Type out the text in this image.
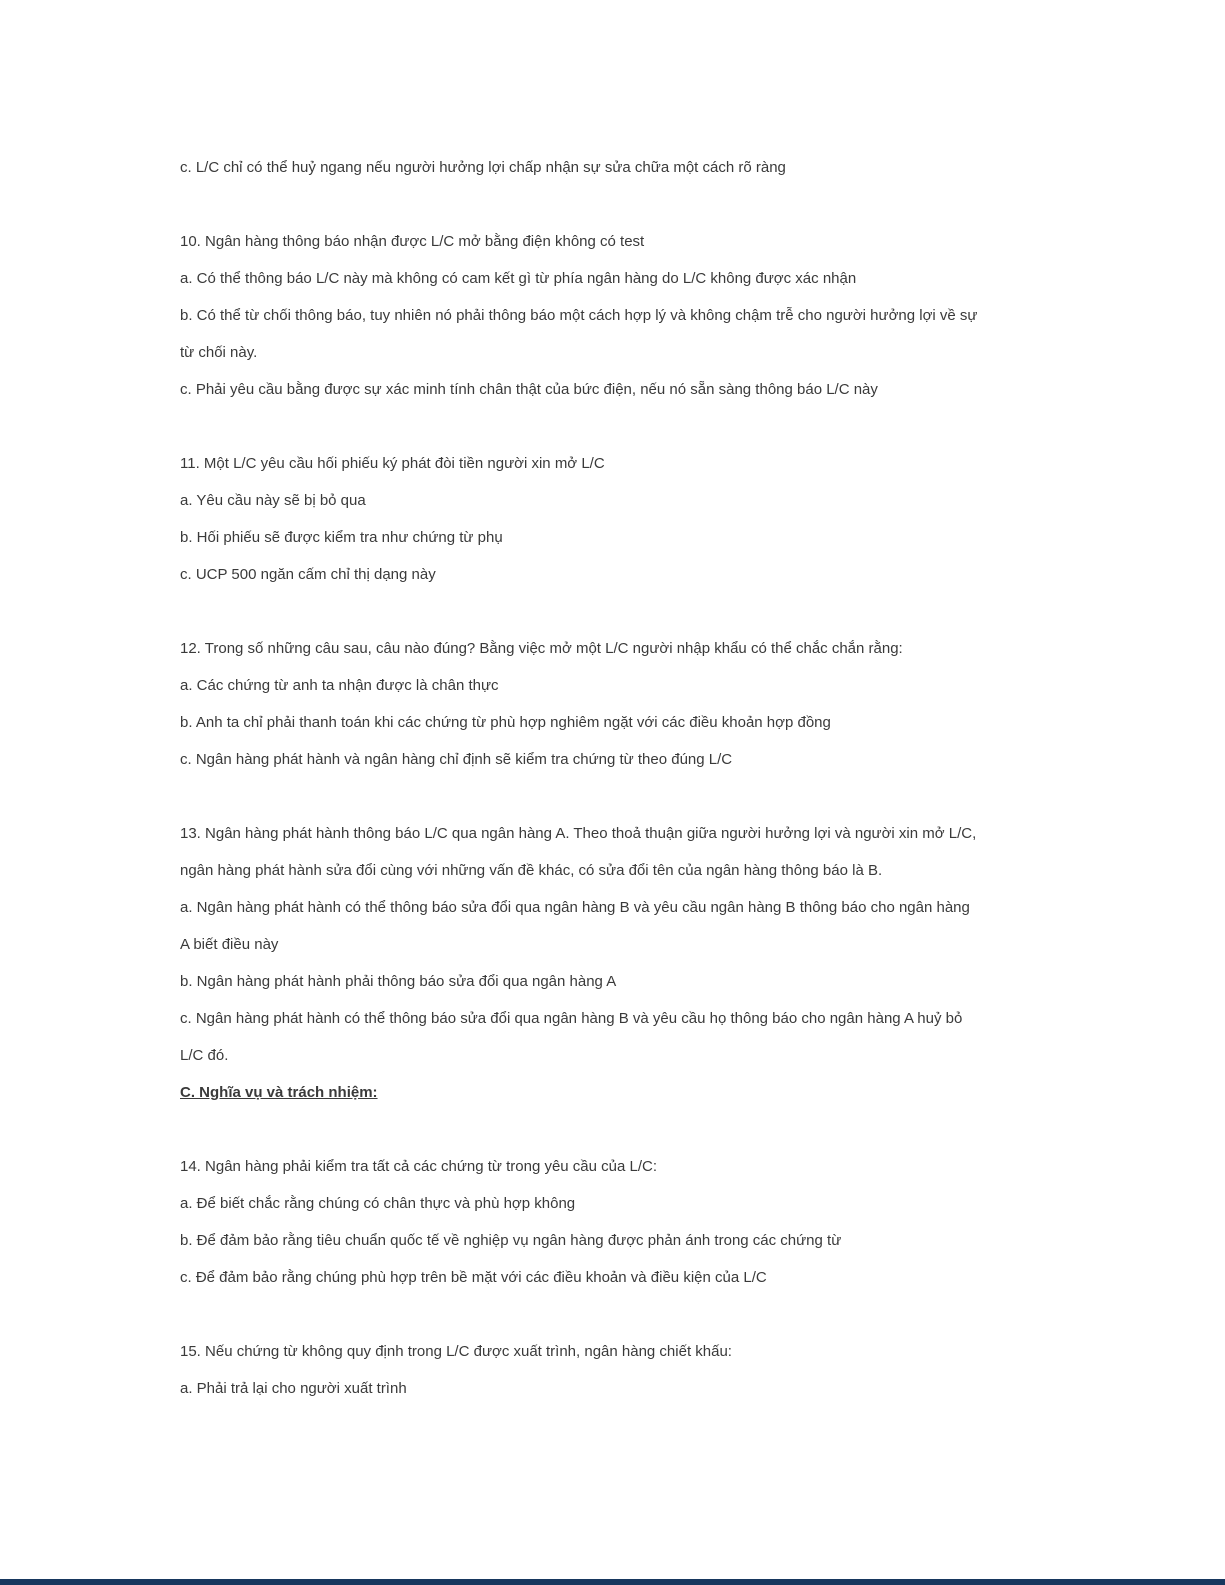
c. L/C chỉ có thể huỷ ngang nếu người hưởng lợi chấp nhận sự sửa chữa một cách rõ ràng
10. Ngân hàng thông báo nhận được L/C mở bằng điện không có test
a. Có thể thông báo L/C này mà không có cam kết gì từ phía ngân hàng do L/C không được xác nhận
b. Có thể từ chối thông báo, tuy nhiên nó phải thông báo một cách hợp lý và không chậm trễ cho người hưởng lợi về sự
từ chối này.
c. Phải yêu cầu bằng được sự xác minh tính chân thật của bức điện, nếu nó sẵn sàng thông báo L/C này
11. Một L/C yêu cầu hối phiếu ký phát đòi tiền người xin mở L/C
a. Yêu cầu này sẽ bị bỏ qua
b. Hối phiếu sẽ được kiểm tra như chứng từ phụ
c. UCP 500 ngăn cấm chỉ thị dạng này
12. Trong số những câu sau, câu nào đúng? Bằng việc mở một L/C người nhập khẩu có thể chắc chắn rằng:
a. Các chứng từ anh ta nhận được là chân thực
b. Anh ta chỉ phải thanh toán khi các chứng từ phù hợp nghiêm ngặt với các điều khoản hợp đồng
c. Ngân hàng phát hành và ngân hàng chỉ định sẽ kiểm tra chứng từ theo đúng L/C
13. Ngân hàng phát hành thông báo L/C qua ngân hàng A. Theo thoả thuận giữa người hưởng lợi và người xin mở L/C,
ngân hàng phát hành sửa đổi cùng với những vấn đề khác, có sửa đổi tên của ngân hàng thông báo là B.
a. Ngân hàng phát hành có thể thông báo sửa đổi qua ngân hàng B và yêu cầu ngân hàng B thông báo cho ngân hàng
A biết điều này
b. Ngân hàng phát hành phải thông báo sửa đổi qua ngân hàng A
c. Ngân hàng phát hành có thể thông báo sửa đổi qua ngân hàng B và yêu cầu họ thông báo cho ngân hàng A huỷ bỏ
L/C đó.
C. Nghĩa vụ và trách nhiệm:
14. Ngân hàng phải kiểm tra tất cả các chứng từ trong yêu cầu của L/C:
a. Để biết chắc rằng chúng có chân thực và phù hợp không
b. Để đảm bảo rằng tiêu chuẩn quốc tế về nghiệp vụ ngân hàng được phản ánh trong các chứng từ
c. Để đảm bảo rằng chúng phù hợp trên bề mặt với các điều khoản và điều kiện của L/C
15. Nếu chứng từ không quy định trong L/C được xuất trình, ngân hàng chiết khấu:
a. Phải trả lại cho người xuất trình
